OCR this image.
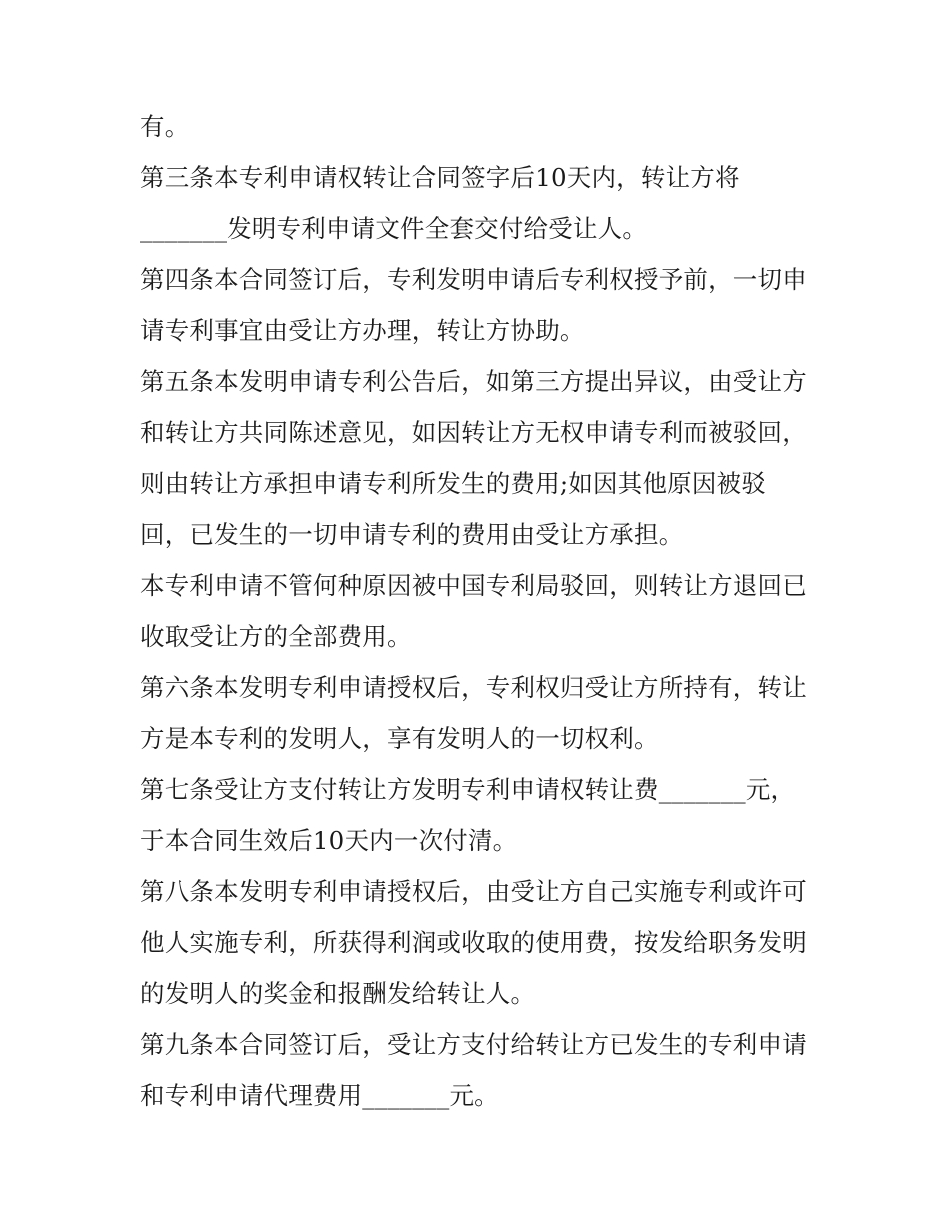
有。
第三条本专利申请权转让合同签字后10天内，转让方将
_______发明专利申请文件全套交付给受让人。
第四条本合同签订后，专利发明申请后专利权授予前，一切申
请专利事宜由受让方办理，转让方协助。
第五条本发明申请专利公告后，如第三方提出异议，由受让方
和转让方共同陈述意见，如因转让方无权申请专利而被驳回，
则由转让方承担申请专利所发生的费用;如因其他原因被驳
回，已发生的一切申请专利的费用由受让方承担。
本专利申请不管何种原因被中国专利局驳回，则转让方退回已
收取受让方的全部费用。
第六条本发明专利申请授权后，专利权归受让方所持有，转让
方是本专利的发明人，享有发明人的一切权利。
第七条受让方支付转让方发明专利申请权转让费_______元，
于本合同生效后10天内一次付清。
第八条本发明专利申请授权后，由受让方自己实施专利或许可
他人实施专利，所获得利润或收取的使用费，按发给职务发明
的发明人的奖金和报酬发给转让人。
第九条本合同签订后，受让方支付给转让方已发生的专利申请
和专利申请代理费用_______元。
